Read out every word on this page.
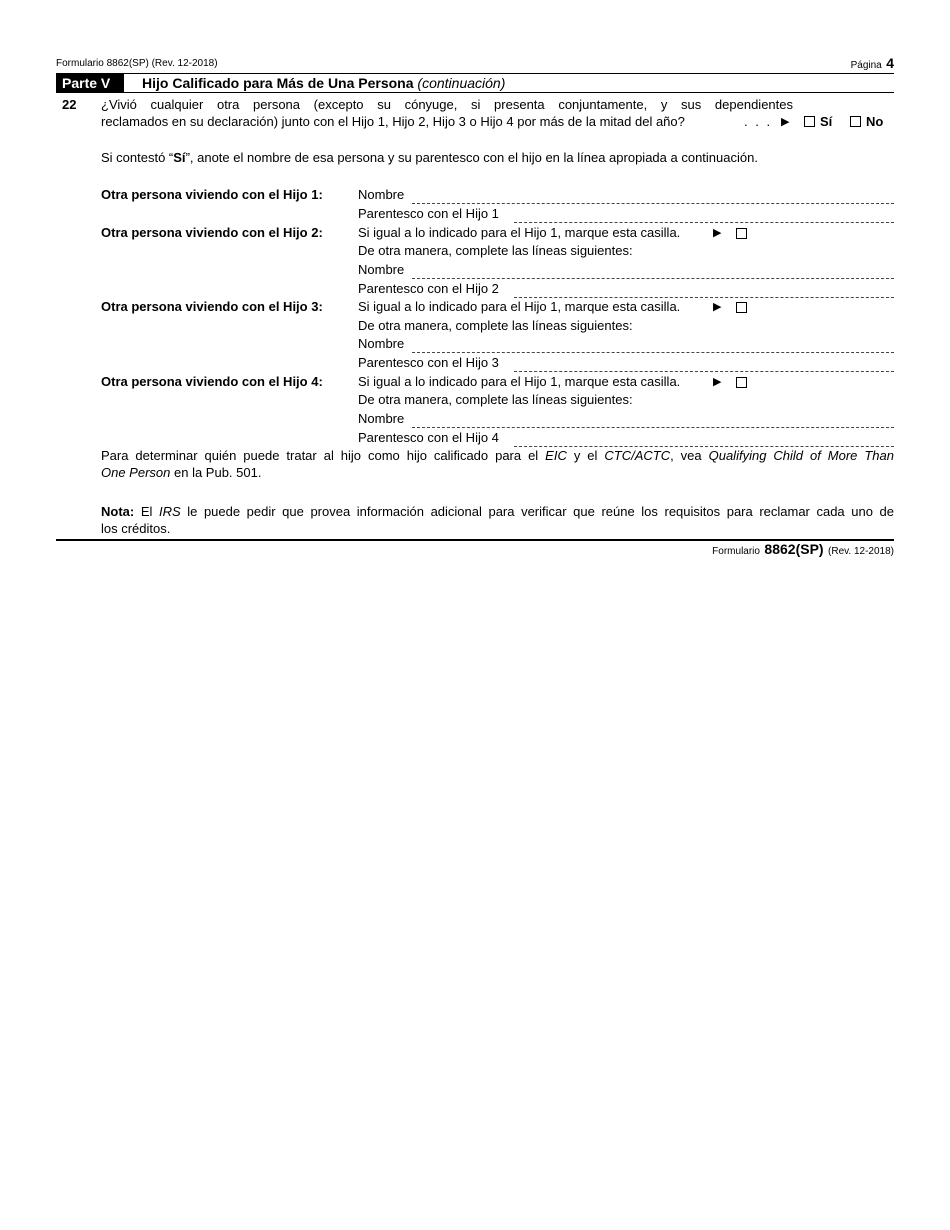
Formulario 8862(SP) (Rev. 12-2018)	Página 4
Parte V	Hijo Calificado para Más de Una Persona (continuación)
22 ¿Vivió cualquier otra persona (excepto su cónyuge, si presenta conjuntamente, y sus dependientes
reclamados en su declaración) junto con el Hijo 1, Hijo 2, Hijo 3 o Hijo 4 por más de la mitad del año?	. . . ▶ Sí	No
Si contestó “Sí”, anote el nombre de esa persona y su parentesco con el hijo en la línea apropiada a continuación.
Otra persona viviendo con el Hijo 1:	Nombre
Parentesco con el Hijo 1
Otra persona viviendo con el Hijo 2:	Si igual a lo indicado para el Hijo 1, marque esta casilla.	▶
De otra manera, complete las líneas siguientes:
Nombre
Parentesco con el Hijo 2
Otra persona viviendo con el Hijo 3:	Si igual a lo indicado para el Hijo 1, marque esta casilla.	▶
De otra manera, complete las líneas siguientes:
Nombre
Parentesco con el Hijo 3
Otra persona viviendo con el Hijo 4:	Si igual a lo indicado para el Hijo 1, marque esta casilla.	▶
De otra manera, complete las líneas siguientes:
Nombre
Parentesco con el Hijo 4
Para determinar quién puede tratar al hijo como hijo calificado para el EIC y el CTC/ACTC, vea Qualifying Child of More Than
One Person en la Pub. 501.
Nota: El IRS le puede pedir que provea información adicional para verificar que reúne los requisitos para reclamar cada uno de
los créditos.
Formulario 8862(SP) (Rev. 12-2018)
